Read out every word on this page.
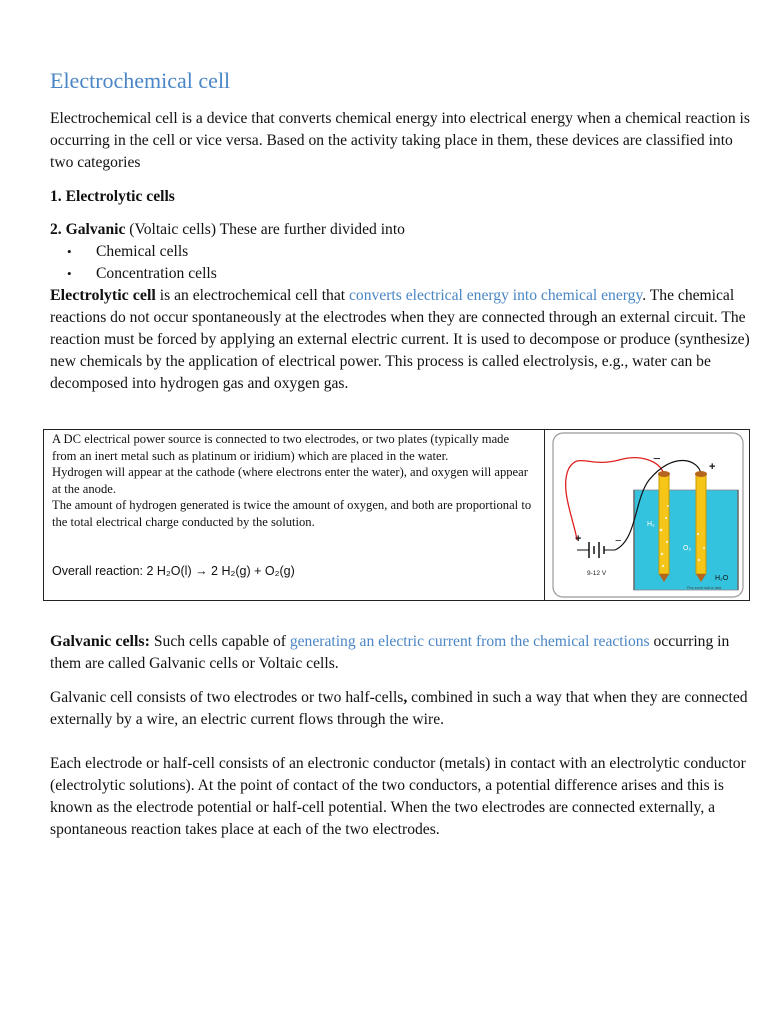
Electrochemical cell

Electrochemical cell is a device that converts chemical energy into electrical energy when a chemical reaction is occurring in the cell or vice versa. Based on the activity taking place in them, these devices are classified into two categories

1. Electrolytic cells

2. Galvanic (Voltaic cells) These are further divided into

• Chemical cells
• Concentration cells

Electrolytic cell is an electrochemical cell that converts electrical energy into chemical energy. The chemical reactions do not occur spontaneously at the electrodes when they are connected through an external circuit. The reaction must be forced by applying an external electric current. It is used to decompose or produce (synthesize) new chemicals by the application of electrical power. This process is called electrolysis, e.g., water can be decomposed into hydrogen gas and oxygen gas.

A DC electrical power source is connected to two electrodes, or two plates (typically made from an inert metal such as platinum or iridium) which are placed in the water.
Hydrogen will appear at the cathode (where electrons enter the water), and oxygen will appear at the anode.
The amount of hydrogen generated is twice the amount of oxygen, and both are proportional to the total electrical charge conducted by the solution.
Overall reaction: 2 H₂O(l) → 2 H₂(g) + O₂(g)
−
+
+	−
H₂
O₂
9-12 V
H₂O
Plus some salt or acid

Galvanic cells: Such cells capable of generating an electric current from the chemical reactions occurring in them are called Galvanic cells or Voltaic cells.

Galvanic cell consists of two electrodes or two half-cells, combined in such a way that when they are connected externally by a wire, an electric current flows through the wire.

Each electrode or half-cell consists of an electronic conductor (metals) in contact with an electrolytic conductor (electrolytic solutions). At the point of contact of the two conductors, a potential difference arises and this is known as the electrode potential or half-cell potential. When the two electrodes are connected externally, a spontaneous reaction takes place at each of the two electrodes.
